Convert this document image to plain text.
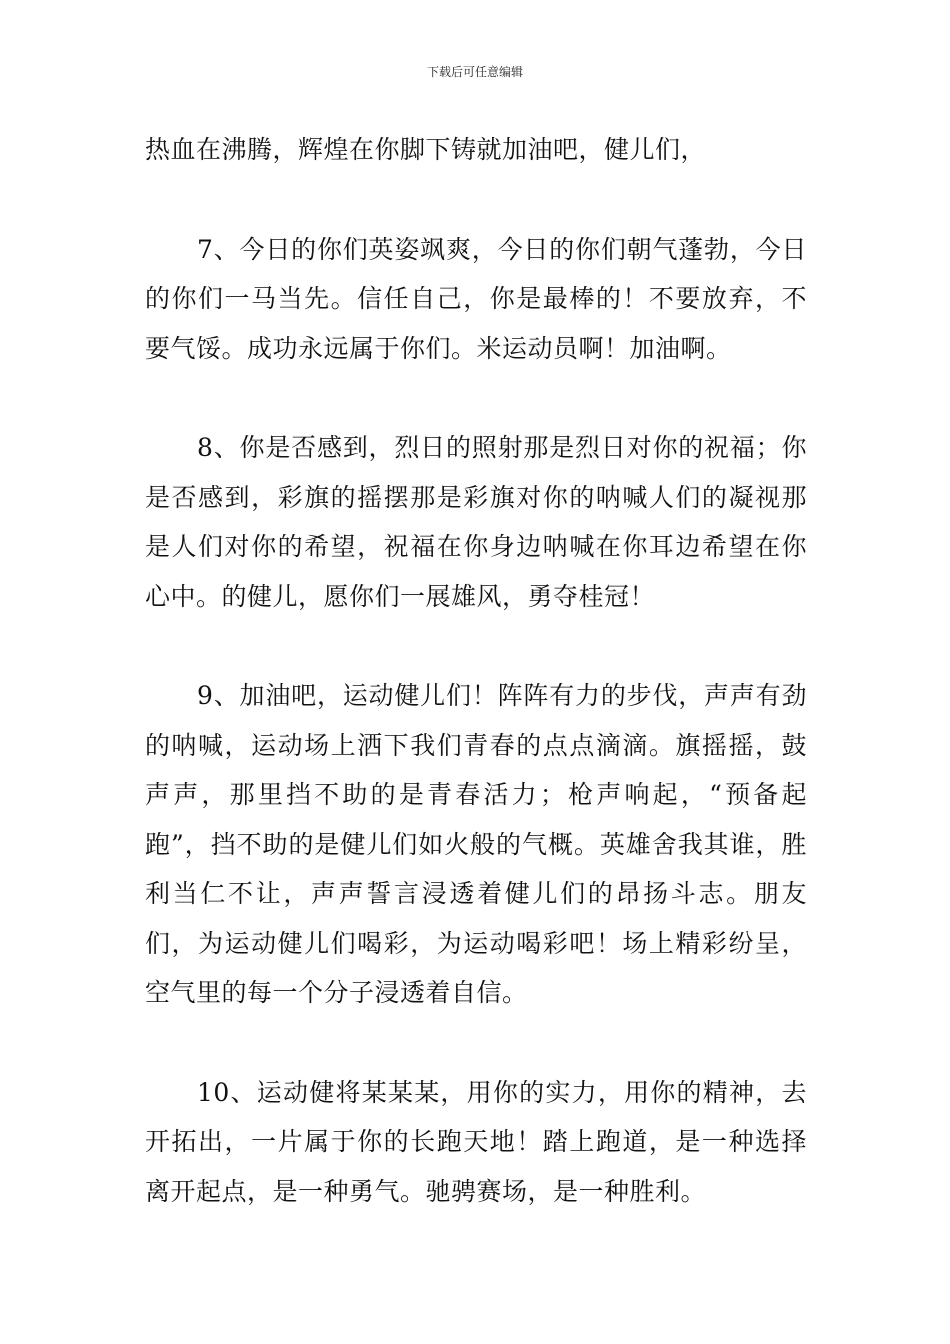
下载后可任意编辑

热血在沸腾，辉煌在你脚下铸就加油吧，健儿们，

7、今日的你们英姿飒爽，今日的你们朝气蓬勃，今日的你们一马当先。信任自己，你是最棒的！不要放弃，不要气馁。成功永远属于你们。米运动员啊！加油啊。

8、你是否感到，烈日的照射那是烈日对你的祝福；你是否感到，彩旗的摇摆那是彩旗对你的呐喊人们的凝视那是人们对你的希望，祝福在你身边呐喊在你耳边希望在你心中。的健儿，愿你们一展雄风，勇夺桂冠！

9、加油吧，运动健儿们！阵阵有力的步伐，声声有劲的呐喊，运动场上洒下我们青春的点点滴滴。旗摇摇，鼓声声，那里挡不助的是青春活力；枪声响起，“预备起跑”，挡不助的是健儿们如火般的气概。英雄舍我其谁，胜利当仁不让，声声誓言浸透着健儿们的昂扬斗志。朋友们，为运动健儿们喝彩，为运动喝彩吧！场上精彩纷呈，空气里的每一个分子浸透着自信。

10、运动健将某某某，用你的实力，用你的精神，去开拓出，一片属于你的长跑天地！踏上跑道，是一种选择离开起点，是一种勇气。驰骋赛场，是一种胜利。
